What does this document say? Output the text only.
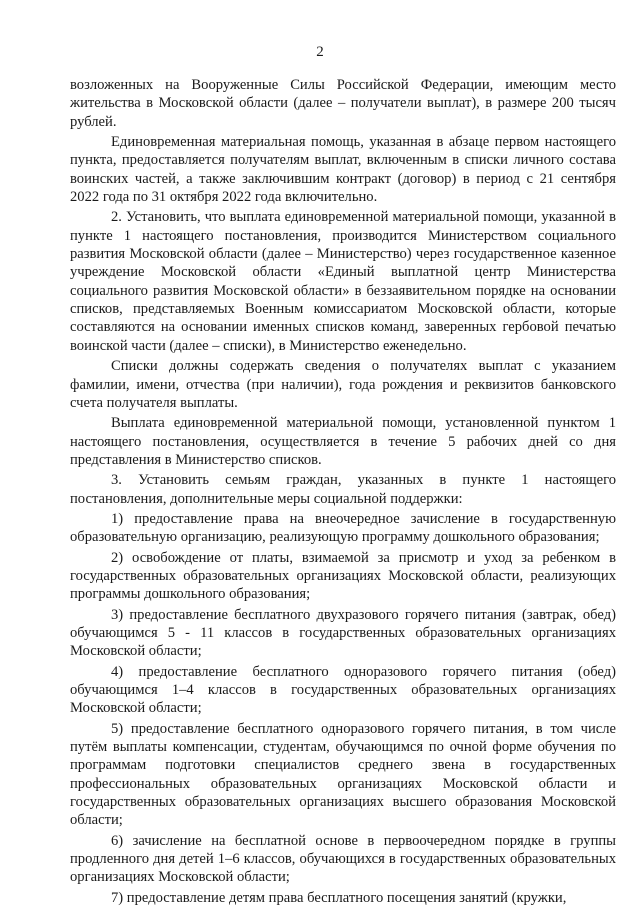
2

возложенных на Вооруженные Силы Российской Федерации, имеющим место жительства в Московской области (далее – получатели выплат), в размере 200 тысяч рублей.

Единовременная материальная помощь, указанная в абзаце первом настоящего пункта, предоставляется получателям выплат, включенным в списки личного состава воинских частей, а также заключившим контракт (договор) в период с 21 сентября 2022 года по 31 октября 2022 года включительно.

2. Установить, что выплата единовременной материальной помощи, указанной в пункте 1 настоящего постановления, производится Министерством социального развития Московской области (далее – Министерство) через государственное казенное учреждение Московской области «Единый выплатной центр Министерства социального развития Московской области» в беззаявительном порядке на основании списков, представляемых Военным комиссариатом Московской области, которые составляются на основании именных списков команд, заверенных гербовой печатью воинской части (далее – списки), в Министерство еженедельно.

Списки должны содержать сведения о получателях выплат с указанием фамилии, имени, отчества (при наличии), года рождения и реквизитов банковского счета получателя выплаты.

Выплата единовременной материальной помощи, установленной пунктом 1 настоящего постановления, осуществляется в течение 5 рабочих дней со дня представления в Министерство списков.

3. Установить семьям граждан, указанных в пункте 1 настоящего постановления, дополнительные меры социальной поддержки:

1) предоставление права на внеочередное зачисление в государственную образовательную организацию, реализующую программу дошкольного образования;

2) освобождение от платы, взимаемой за присмотр и уход за ребенком в государственных образовательных организациях Московской области, реализующих программы дошкольного образования;

3) предоставление бесплатного двухразового горячего питания (завтрак, обед) обучающимся 5 - 11 классов в государственных образовательных организациях Московской области;

4) предоставление бесплатного одноразового горячего питания (обед) обучающимся 1–4 классов в государственных образовательных организациях Московской области;

5) предоставление бесплатного одноразового горячего питания, в том числе путём выплаты компенсации, студентам, обучающимся по очной форме обучения по программам подготовки специалистов среднего звена в государственных профессиональных образовательных организациях Московской области и государственных образовательных организациях высшего образования Московской области;

6) зачисление на бесплатной основе в первоочередном порядке в группы продленного дня детей 1–6 классов, обучающихся в государственных образовательных организациях Московской области;

7) предоставление детям права бесплатного посещения занятий (кружки,
